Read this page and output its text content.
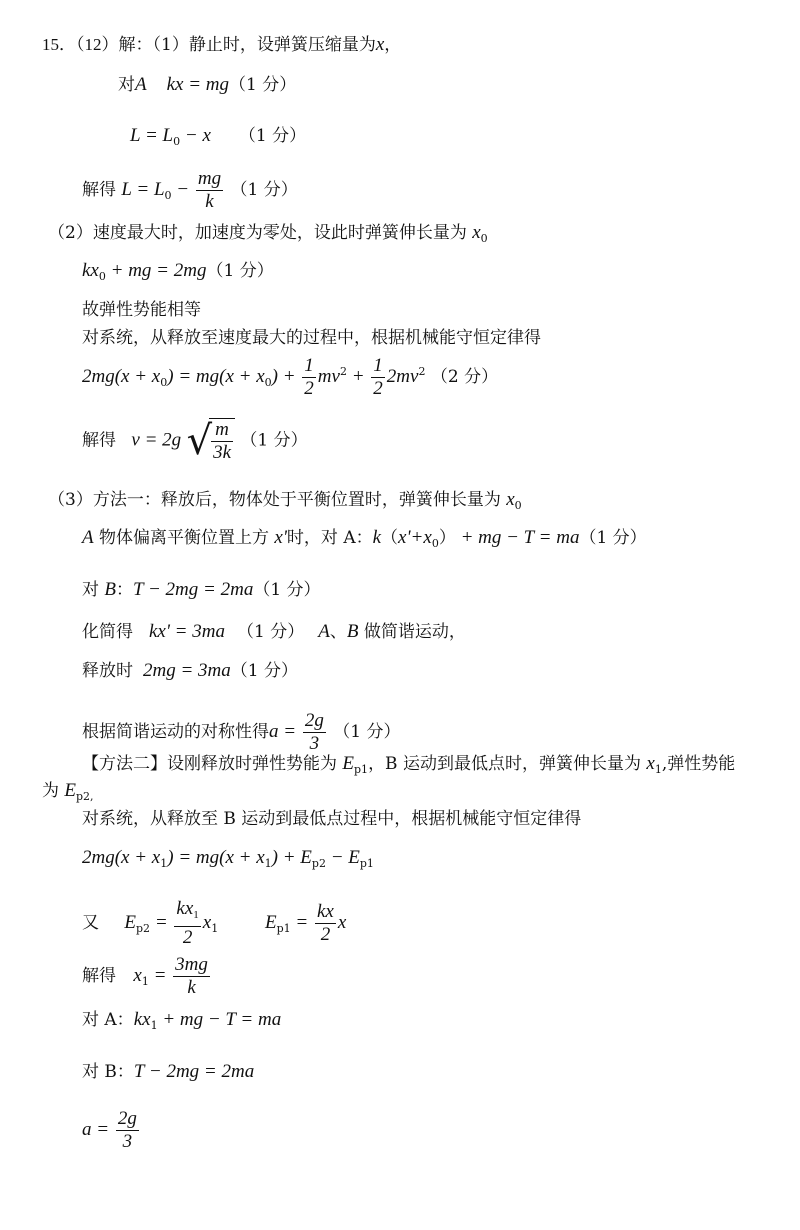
15．（12）解：（1）静止时，设弹簧压缩量为x，
对A kx = mg（1 分）
$L = L_0 - x$ （1 分）
解得 $L = L_0 - \frac{mg}{k} (1$ 分）
（2）速度最大时，加速度为零处，设此时弹簧伸长量为 $x_0$
$kx_0$ + mg = 2mg（1 分）
故弹性势能相等
对系统，从释放至速度最大的过程中，根据机械能守恒定律得
$2mg(x + x_0) = mg(x + x_0) + \frac{1}{2} mv^2 + \frac{1}{2} 2mv^2$ （2 分）
解得 v = 2g √ $\frac{m}{3k} (1$ 分）
（3）方法一：释放后，物体处于平衡位置时，弹簧伸长量为 $x_0$
A 物体偏离平衡位置上方 x'时，对 A：$k(x'+x_0)$ + mg − T = ma（1 分）
对 B：T − 2mg = 2ma（1 分）
化简得 kx' = 3ma （1 分） A、B 做简谐运动，
释放时 2mg = 3ma（1 分）
根据简谐运动的对称性得$a = \frac{2g}{3} (1$ 分）
【方法二】设刚释放时弹性势能为 $E_{p1}$，B 运动到最低点时，弹簧伸长量为 $x_1$,弹性势能
为 $E_{p2,}$
对系统，从释放至 B 运动到最低点过程中，根据机械能守恒定律得
$2mg(x + x_1) = mg(x + x_1) + E_{p2} - E_{p1}$
又 $E_{p2} = \frac{kx_1}{2} x_1$ $E_{p1} = \frac{kx}{2}$ x
解得 $x_1 = \frac{3mg}{k}$
对 A：$kx_1$ + mg − T = ma
对 B：T − 2mg = 2ma
$a = \frac{2g}{3}$
